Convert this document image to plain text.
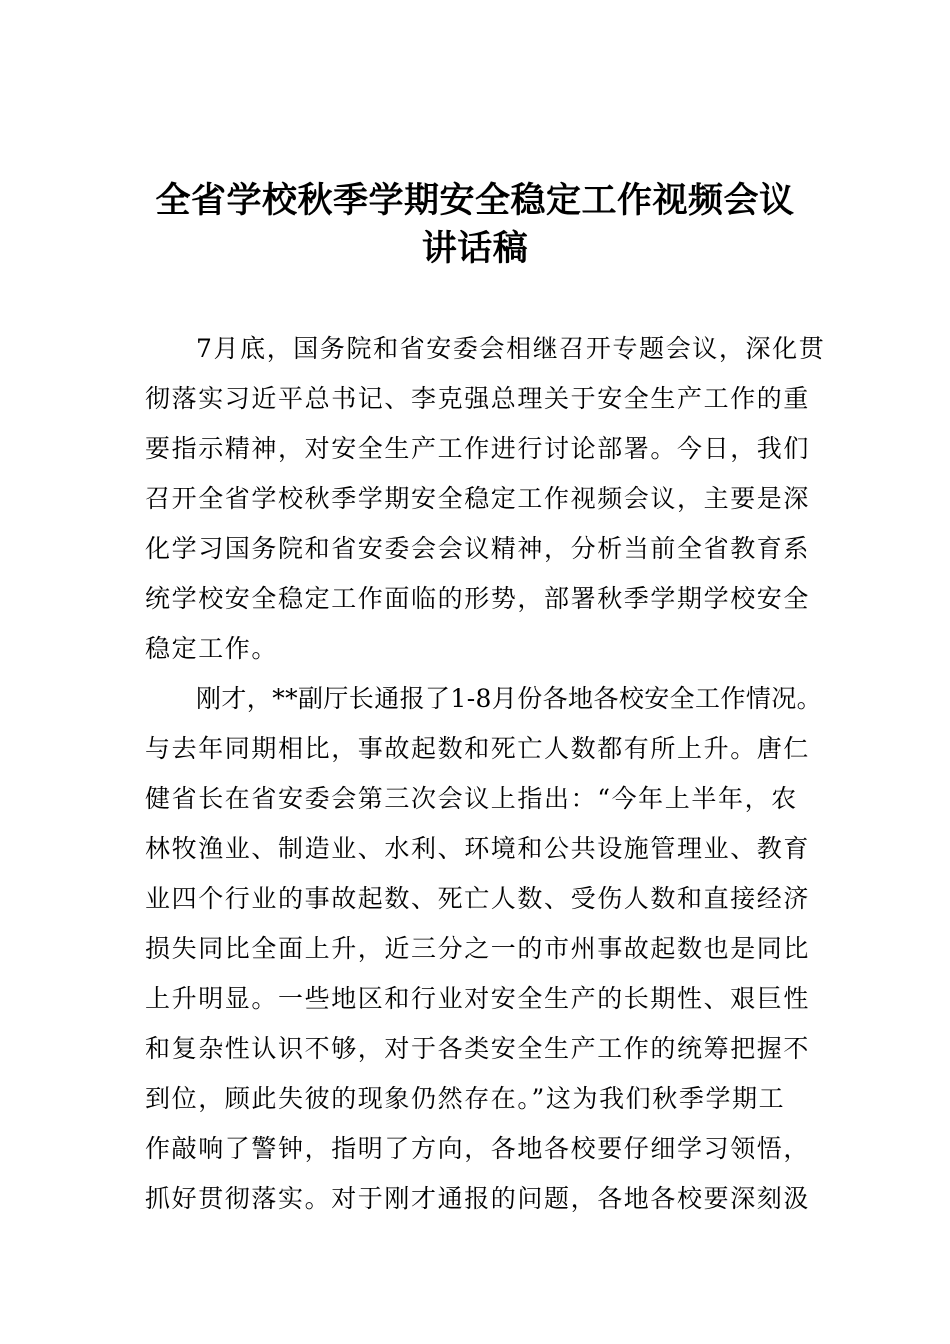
全省学校秋季学期安全稳定工作视频会议
讲话稿
7月底，国务院和省安委会相继召开专题会议，深化贯
彻落实习近平总书记、李克强总理关于安全生产工作的重
要指示精神，对安全生产工作进行讨论部署。今日，我们
召开全省学校秋季学期安全稳定工作视频会议，主要是深
化学习国务院和省安委会会议精神，分析当前全省教育系
统学校安全稳定工作面临的形势，部署秋季学期学校安全
稳定工作。
刚才，**副厅长通报了1-8月份各地各校安全工作情况。
与去年同期相比，事故起数和死亡人数都有所上升。唐仁
健省长在省安委会第三次会议上指出：“今年上半年，农
林牧渔业、制造业、水利、环境和公共设施管理业、教育
业四个行业的事故起数、死亡人数、受伤人数和直接经济
损失同比全面上升，近三分之一的市州事故起数也是同比
上升明显。一些地区和行业对安全生产的长期性、艰巨性
和复杂性认识不够，对于各类安全生产工作的统筹把握不
到位，顾此失彼的现象仍然存在。”这为我们秋季学期工
作敲响了警钟，指明了方向，各地各校要仔细学习领悟，
抓好贯彻落实。对于刚才通报的问题，各地各校要深刻汲
